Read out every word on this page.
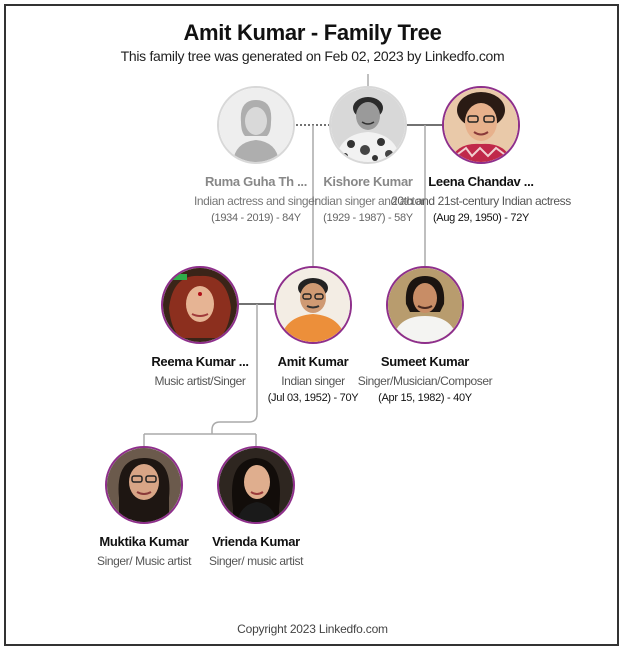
Amit Kumar - Family Tree
This family tree was generated on Feb 02, 2023 by Linkedfo.com
Ruma Guha Th ...
Indian actress and singer
(1934 - 2019) - 84Y
Leena Chandav ...
20th and 21st-century Indian actress
(Aug 29, 1950) - 72Y
Kishore Kumar
Indian singer and actor
(1929 - 1987) - 58Y
Reema Kumar ...
Music artist/Singer
Amit Kumar
Indian singer
(Jul 03, 1952) - 70Y
Sumeet Kumar
Singer/Musician/Composer
(Apr 15, 1982) - 40Y
Muktika Kumar
Singer/ Music artist
Vrienda Kumar
Singer/ music artist
Copyright 2023 Linkedfo.com
